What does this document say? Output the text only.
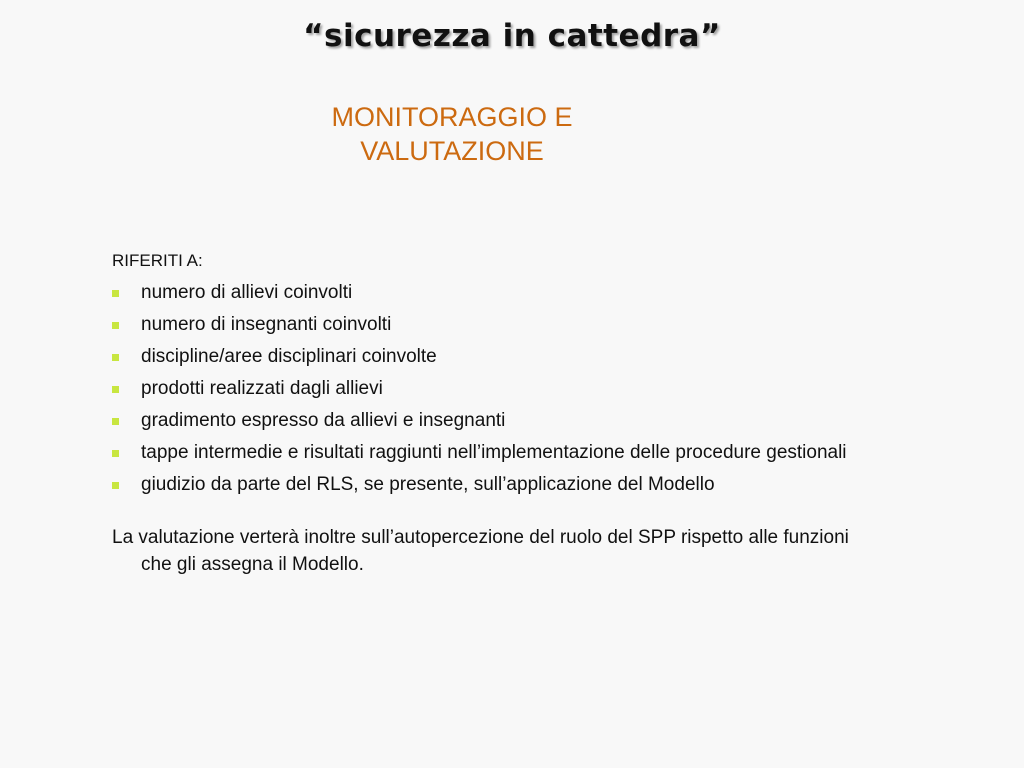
“sicurezza in cattedra”
MONITORAGGIO E
VALUTAZIONE

RIFERITI A:

numero di allievi coinvolti
numero di insegnanti coinvolti
discipline/aree disciplinari coinvolte
prodotti realizzati dagli allievi
gradimento espresso da allievi e insegnanti
tappe intermedie e risultati raggiunti nell’implementazione delle procedure gestionali
giudizio da parte del RLS, se presente, sull’applicazione del Modello

La valutazione verterà inoltre sull’autopercezione del ruolo del SPP rispetto alle funzioni che gli assegna il Modello.
